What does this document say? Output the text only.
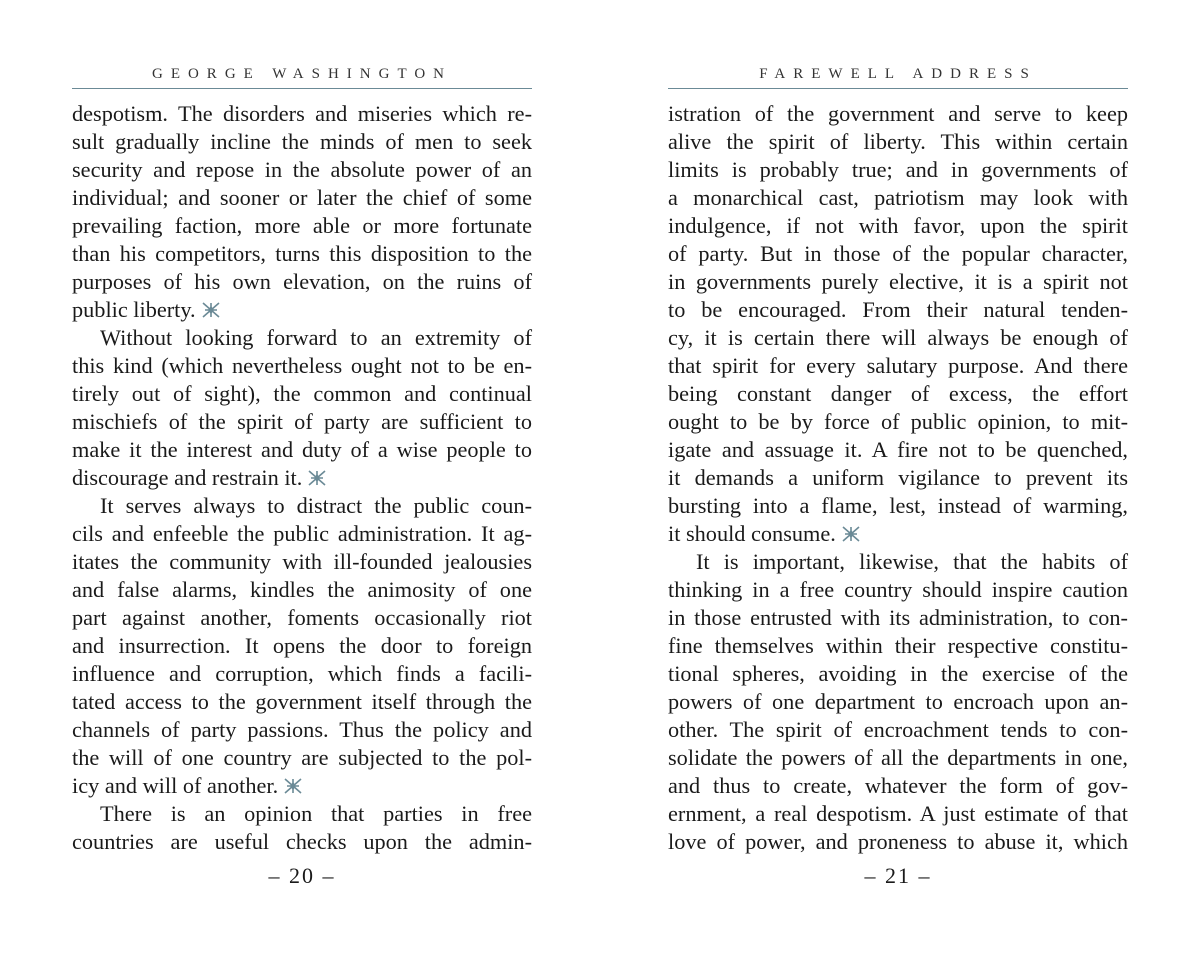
GEORGE WASHINGTON
despotism. The disorders and miseries which re-
sult gradually incline the minds of men to seek
security and repose in the absolute power of an
individual; and sooner or later the chief of some
prevailing faction, more able or more fortunate
than his competitors, turns this disposition to the
purposes of his own elevation, on the ruins of
public liberty.
Without looking forward to an extremity of
this kind (which nevertheless ought not to be en-
tirely out of sight), the common and continual
mischiefs of the spirit of party are sufficient to
make it the interest and duty of a wise people to
discourage and restrain it.
It serves always to distract the public coun-
cils and enfeeble the public administration. It ag-
itates the community with ill-founded jealousies
and false alarms, kindles the animosity of one
part against another, foments occasionally riot
and insurrection. It opens the door to foreign
influence and corruption, which finds a facili-
tated access to the government itself through the
channels of party passions. Thus the policy and
the will of one country are subjected to the pol-
icy and will of another.
There is an opinion that parties in free
countries are useful checks upon the admin-
– 20 –
FAREWELL ADDRESS
istration of the government and serve to keep
alive the spirit of liberty. This within certain
limits is probably true; and in governments of
a monarchical cast, patriotism may look with
indulgence, if not with favor, upon the spirit
of party. But in those of the popular character,
in governments purely elective, it is a spirit not
to be encouraged. From their natural tenden-
cy, it is certain there will always be enough of
that spirit for every salutary purpose. And there
being constant danger of excess, the effort
ought to be by force of public opinion, to mit-
igate and assuage it. A fire not to be quenched,
it demands a uniform vigilance to prevent its
bursting into a flame, lest, instead of warming,
it should consume.
It is important, likewise, that the habits of
thinking in a free country should inspire caution
in those entrusted with its administration, to con-
fine themselves within their respective constitu-
tional spheres, avoiding in the exercise of the
powers of one department to encroach upon an-
other. The spirit of encroachment tends to con-
solidate the powers of all the departments in one,
and thus to create, whatever the form of gov-
ernment, a real despotism. A just estimate of that
love of power, and proneness to abuse it, which
– 21 –
